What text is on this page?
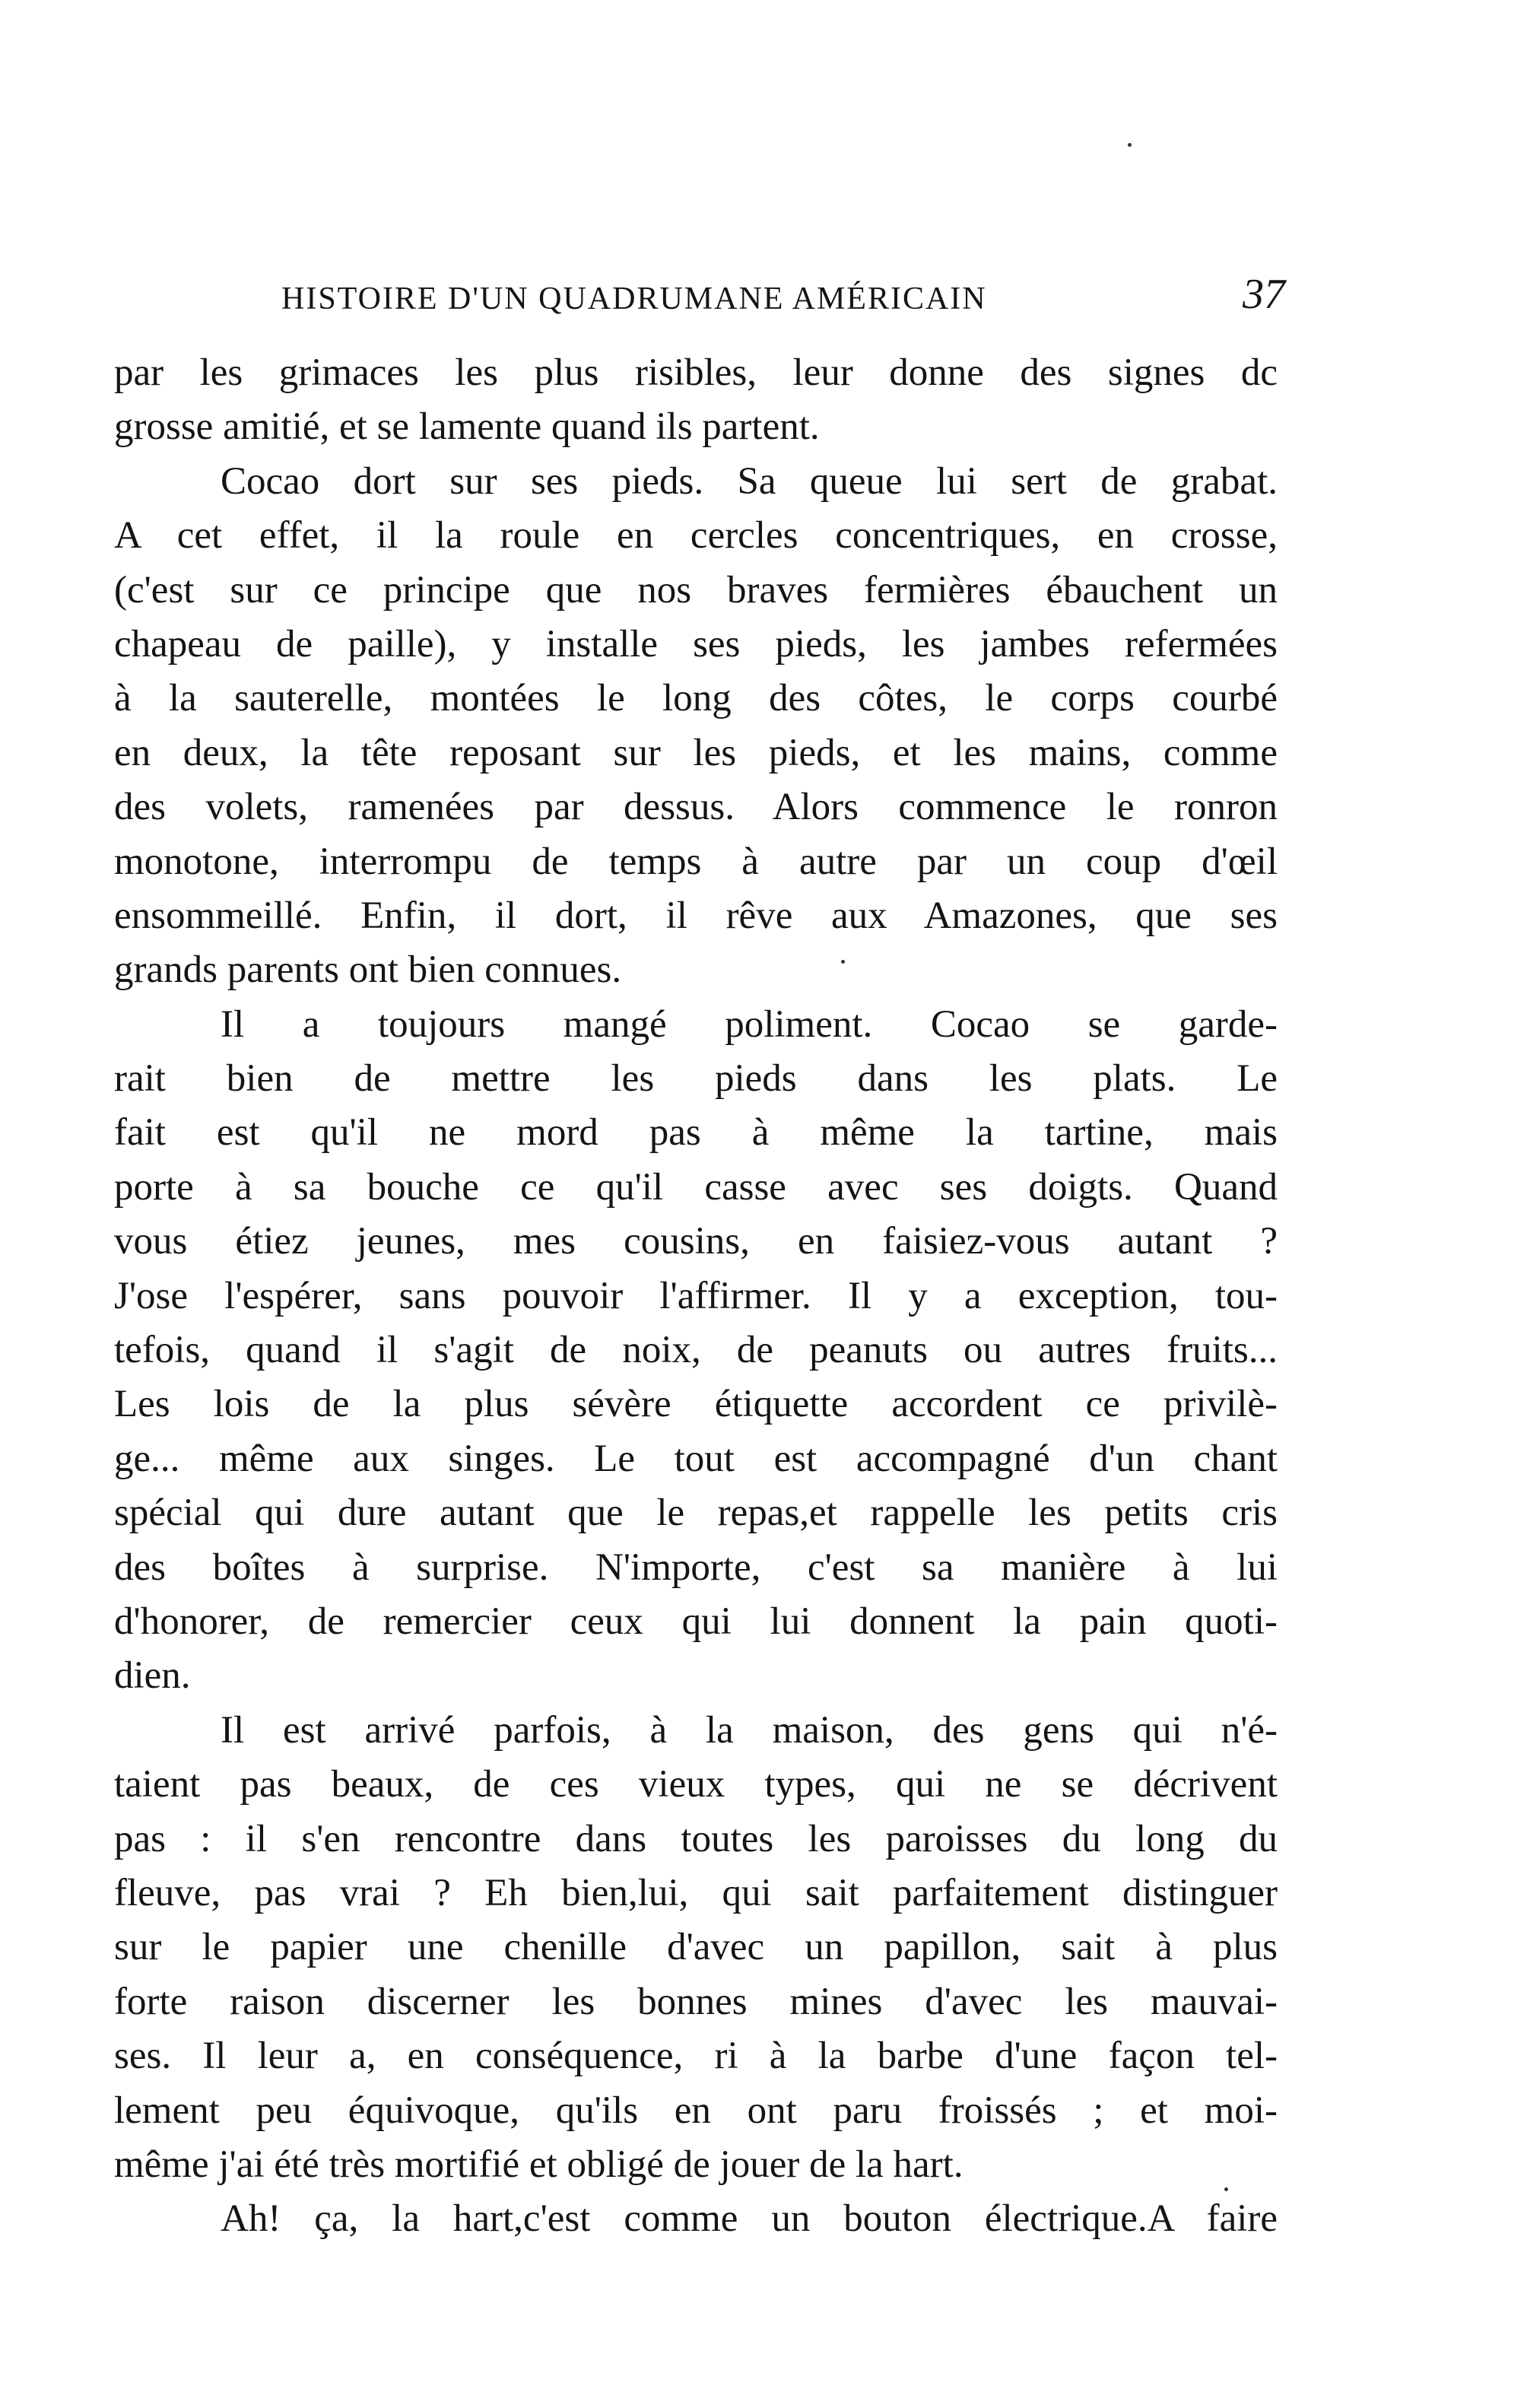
HISTOIRE D'UN QUADRUMANE AMÉRICAIN	37
par les grimaces les plus risibles, leur donne des signes dc
grosse amitié, et se lamente quand ils partent.
Cocao dort sur ses pieds. Sa queue lui sert de grabat.
A cet effet, il la roule en cercles concentriques, en crosse,
(c'est sur ce principe que nos braves fermières ébauchent un
chapeau de paille), y installe ses pieds, les jambes refermées
à la sauterelle, montées le long des côtes, le corps courbé
en deux, la tête reposant sur les pieds, et les mains, comme
des volets, ramenées par dessus. Alors commence le ronron
monotone, interrompu de temps à autre par un coup d'œil
ensommeillé. Enfin, il dort, il rêve aux Amazones, que ses
grands parents ont bien connues.
Il a toujours mangé poliment. Cocao se garde-
rait bien de mettre les pieds dans les plats. Le
fait est qu'il ne mord pas à même la tartine, mais
porte à sa bouche ce qu'il casse avec ses doigts. Quand
vous étiez jeunes, mes cousins, en faisiez-vous autant ?
J'ose l'espérer, sans pouvoir l'affirmer. Il y a exception, tou-
tefois, quand il s'agit de noix, de peanuts ou autres fruits...
Les lois de la plus sévère étiquette accordent ce privilè-
ge... même aux singes. Le tout est accompagné d'un chant
spécial qui dure autant que le repas,et rappelle les petits cris
des boîtes à surprise. N'importe, c'est sa manière à lui
d'honorer, de remercier ceux qui lui donnent la pain quoti-
dien.
Il est arrivé parfois, à la maison, des gens qui n'é-
taient pas beaux, de ces vieux types, qui ne se décrivent
pas : il s'en rencontre dans toutes les paroisses du long du
fleuve, pas vrai ? Eh bien,lui, qui sait parfaitement distinguer
sur le papier une chenille d'avec un papillon, sait à plus
forte raison discerner les bonnes mines d'avec les mauvai-
ses. Il leur a, en conséquence, ri à la barbe d'une façon tel-
lement peu équivoque, qu'ils en ont paru froissés ; et moi-
même j'ai été très mortifié et obligé de jouer de la hart.
Ah! ça, la hart,c'est comme un bouton électrique.A faire
